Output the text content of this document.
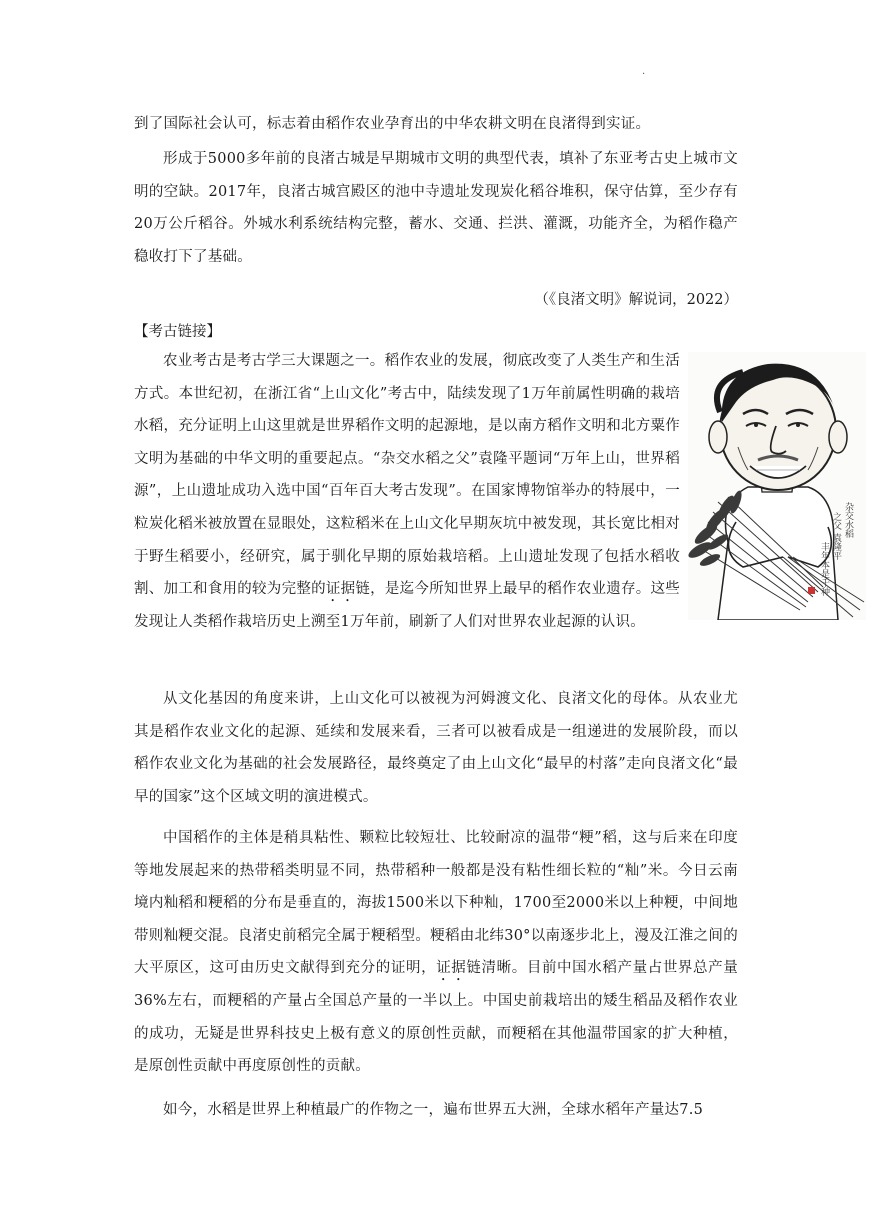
.

到了国际社会认可，标志着由稻作农业孕育出的中华农耕文明在良渚得到实证。

形成于5000多年前的良渚古城是早期城市文明的典型代表，填补了东亚考古史上城市文明的空缺。2017年，良渚古城宫殿区的池中寺遗址发现炭化稻谷堆积，保守估算，至少存有20万公斤稻谷。外城水利系统结构完整，蓄水、交通、拦洪、灌溉，功能齐全，为稻作稳产稳收打下了基础。

（《良渚文明》解说词，2022）

【考古链接】

农业考古是考古学三大课题之一。稻作农业的发展，彻底改变了人类生产和生活方式。本世纪初，在浙江省“上山文化”考古中，陆续发现了1万年前属性明确的栽培水稻，充分证明上山这里就是世界稻作文明的起源地，是以南方稻作文明和北方粟作文明为基础的中华文明的重要起点。“杂交水稻之父”袁隆平题词“万年上山，世界稻源”，上山遗址成功入选中国“百年百大考古发现”。在国家博物馆举办的特展中，一粒炭化稻米被放置在显眼处，这粒稻米在上山文化早期灰坑中被发现，其长宽比相对于野生稻要小，经研究，属于驯化早期的原始栽培稻。上山遗址发现了包括水稻收割、加工和食用的较为完整的证据链，是迄今所知世界上最早的稻作农业遗存。这些发现让人类稻作栽培历史上溯至1万年前，刷新了人们对世界农业起源的认识。

从文化基因的角度来讲，上山文化可以被视为河姆渡文化、良渚文化的母体。从农业尤其是稻作农业文化的起源、延续和发展来看，三者可以被看成是一组递进的发展阶段，而以稻作农业文化为基础的社会发展路径，最终奠定了由上山文化“最早的村落”走向良渚文化“最早的国家”这个区域文明的演进模式。

中国稻作的主体是稍具粘性、颗粒比较短壮、比较耐凉的温带“粳”稻，这与后来在印度等地发展起来的热带稻类明显不同，热带稻种一般都是没有粘性细长粒的“籼”米。今日云南境内籼稻和粳稻的分布是垂直的，海拔1500米以下种籼，1700至2000米以上种粳，中间地带则籼粳交混。良渚史前稻完全属于粳稻型。粳稻由北纬30°以南逐步北上，漫及江淮之间的大平原区，这可由历史文献得到充分的证明，证据链清晰。目前中国水稻产量占世界总产量36%左右，而粳稻的产量占全国总产量的一半以上。中国史前栽培出的矮生稻品及稻作农业的成功，无疑是世界科技史上极有意义的原创性贡献，而粳稻在其他温带国家的扩大种植，是原创性贡献中再度原创性的贡献。

如今，水稻是世界上种植最广的作物之一，遍布世界五大洲，全球水稻年产量达7.5

杂交水稻
之父 袁隆平
丰年本是千种
